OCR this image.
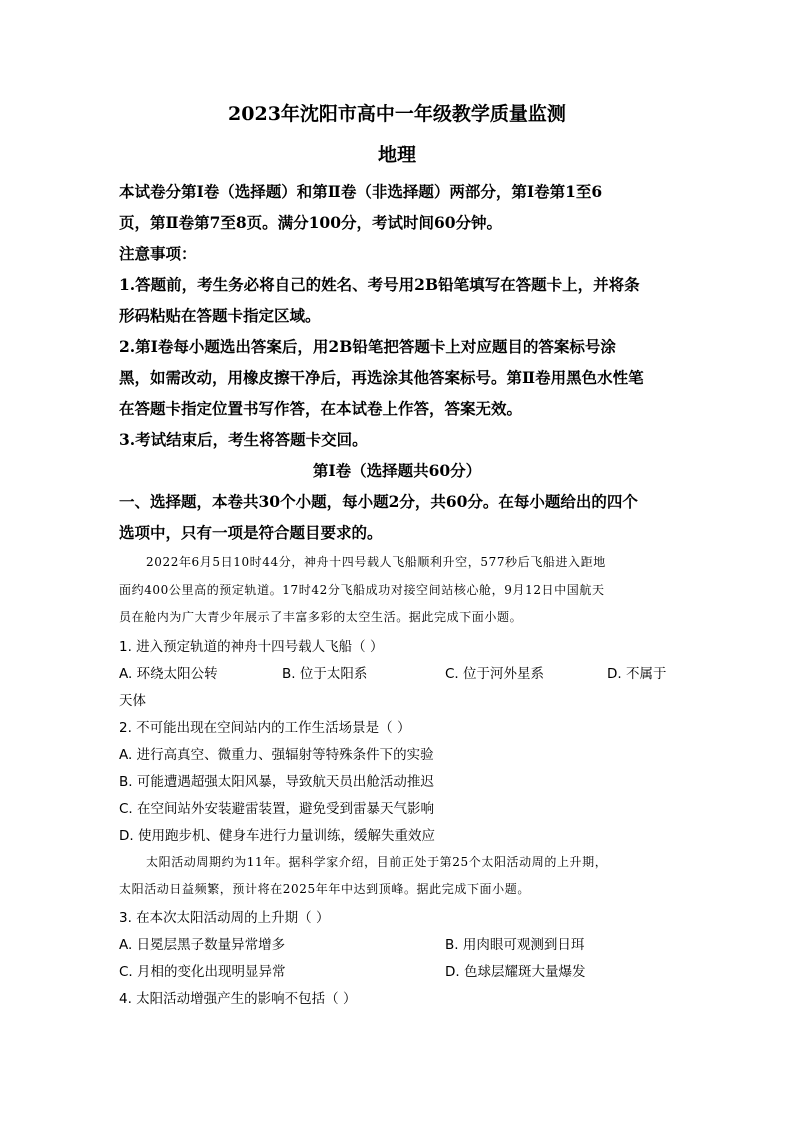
2023年沈阳市高中一年级教学质量监测
地理
本试卷分第Ⅰ卷（选择题）和第Ⅱ卷（非选择题）两部分，第Ⅰ卷第1至6
页，第Ⅱ卷第7至8页。满分100分，考试时间60分钟。
注意事项：
1.答题前，考生务必将自己的姓名、考号用2B铅笔填写在答题卡上，并将条
形码粘贴在答题卡指定区域。
2.第Ⅰ卷每小题选出答案后，用2B铅笔把答题卡上对应题目的答案标号涂
黑，如需改动，用橡皮擦干净后，再选涂其他答案标号。第Ⅱ卷用黑色水性笔
在答题卡指定位置书写作答，在本试卷上作答，答案无效。
3.考试结束后，考生将答题卡交回。
第Ⅰ卷（选择题共60分）
一、选择题，本卷共30个小题，每小题2分，共60分。在每小题给出的四个
选项中，只有一项是符合题目要求的。
2022年6月5日10时44分，神舟十四号载人飞船顺利升空，577秒后飞船进入距地
面约400公里高的预定轨道。17时42分飞船成功对接空间站核心舱，9月12日中国航天
员在舱内为广大青少年展示了丰富多彩的太空生活。据此完成下面小题。
1. 进入预定轨道的神舟十四号载人飞船（ ）
A. 环绕太阳公转	B. 位于太阳系	C. 位于河外星系	D. 不属于
天体
2. 不可能出现在空间站内的工作生活场景是（ ）
A. 进行高真空、微重力、强辐射等特殊条件下的实验
B. 可能遭遇超强太阳风暴，导致航天员出舱活动推迟
C. 在空间站外安装避雷装置，避免受到雷暴天气影响
D. 使用跑步机、健身车进行力量训练，缓解失重效应
太阳活动周期约为11年。据科学家介绍，目前正处于第25个太阳活动周的上升期，
太阳活动日益频繁，预计将在2025年年中达到顶峰。据此完成下面小题。
3. 在本次太阳活动周的上升期（ ）
A. 日冕层黑子数量异常增多	B. 用肉眼可观测到日珥
C. 月相的变化出现明显异常	D. 色球层耀斑大量爆发
4. 太阳活动增强产生的影响不包括（ ）
